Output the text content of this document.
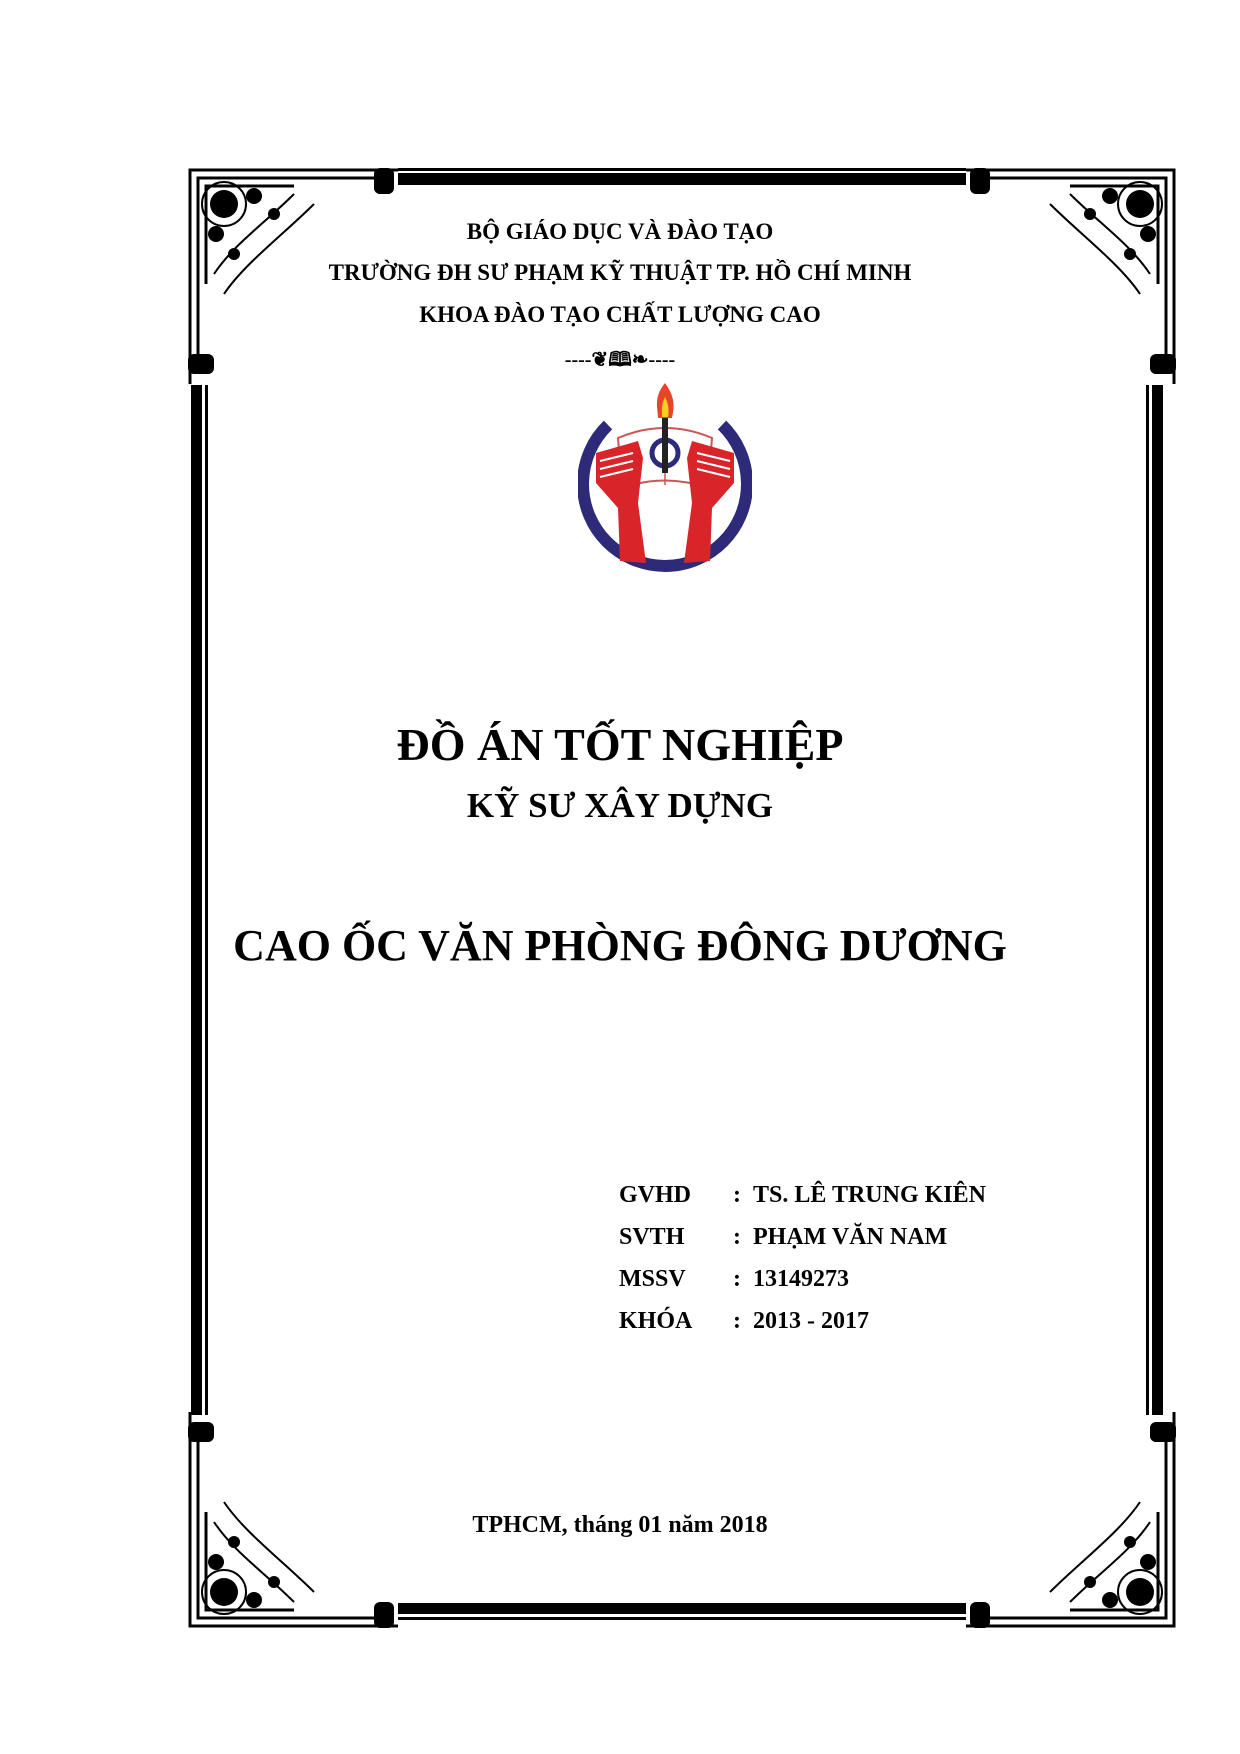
BỘ GIÁO DỤC VÀ ĐÀO TẠO
TRƯỜNG ĐH SƯ PHẠM KỸ THUẬT TP. HỒ CHÍ MINH
KHOA ĐÀO TẠO CHẤT LƯỢNG CAO
----❦🕮❧----
ĐỒ ÁN TỐT NGHIỆP
KỸ SƯ XÂY DỰNG
CAO ỐC VĂN PHÒNG ĐÔNG DƯƠNG
GVHD : TS. LÊ TRUNG KIÊN
SVTH : PHẠM VĂN NAM
MSSV : 13149273
KHÓA : 2013 - 2017
TPHCM, tháng 01 năm 2018
